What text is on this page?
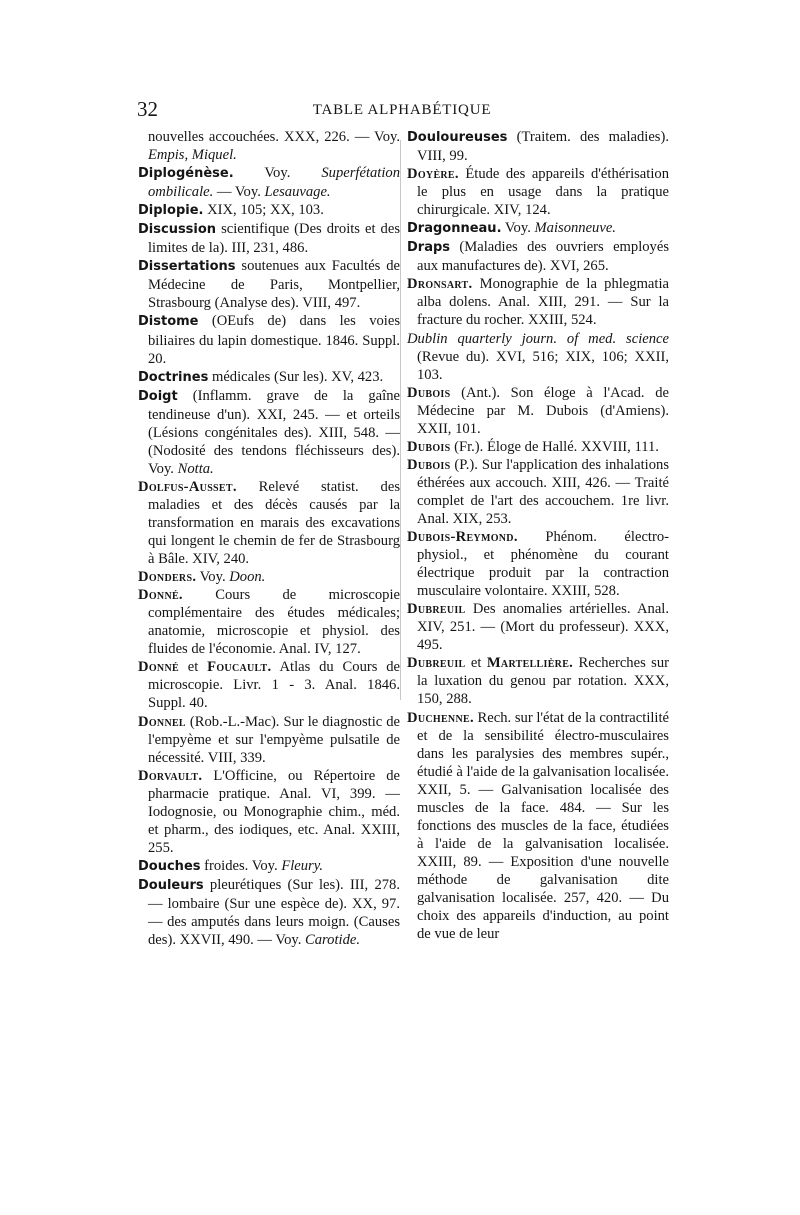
32	TABLE ALPHABÉTIQUE

nouvelles accouchées. XXX, 226. — Voy. Empis, Miquel.

Diplogénèse. Voy. Superfétation ombilicale. — Voy. Lesauvage.

Diplopie. XIX, 105; XX, 103.

Discussion scientifique (Des droits et des limites de la). III, 231, 486.

Dissertations soutenues aux Facultés de Médecine de Paris, Montpellier, Strasbourg (Analyse des). VIII, 497.

Distome (OEufs de) dans les voies biliaires du lapin domestique. 1846. Suppl. 20.

Doctrines médicales (Sur les). XV, 423.

Doigt (Inflamm. grave de la gaîne tendineuse d'un). XXI, 245. — et orteils (Lésions congénitales des). XIII, 548. — (Nodosité des tendons fléchisseurs des). Voy. Notta.

Dolfus-Ausset. Relevé statist. des maladies et des décès causés par la transformation en marais des excavations qui longent le chemin de fer de Strasbourg à Bâle. XIV, 240.

Donders. Voy. Doon.

Donné. Cours de microscopie complémentaire des études médicales; anatomie, microscopie et physiol. des fluides de l'économie. Anal. IV, 127.

Donné et Foucault. Atlas du Cours de microscopie. Livr. 1 - 3. Anal. 1846. Suppl. 40.

Donnel (Rob.-L.-Mac). Sur le diagnostic de l'empyème et sur l'empyème pulsatile de nécessité. VIII, 339.

Dorvault. L'Officine, ou Répertoire de pharmacie pratique. Anal. VI, 399. — Iodognosie, ou Monographie chim., méd. et pharm., des iodiques, etc. Anal. XXIII, 255.

Douches froides. Voy. Fleury.

Douleurs pleurétiques (Sur les). III, 278. — lombaire (Sur une espèce de). XX, 97. — des amputés dans leurs moign. (Causes des). XXVII, 490. — Voy. Carotide.

Douloureuses (Traitem. des maladies). VIII, 99.

Doyère. Étude des appareils d'éthérisation le plus en usage dans la pratique chirurgicale. XIV, 124.

Dragonneau. Voy. Maisonneuve.

Draps (Maladies des ouvriers employés aux manufactures de). XVI, 265.

Dronsart. Monographie de la phlegmatia alba dolens. Anal. XIII, 291. — Sur la fracture du rocher. XXIII, 524.

Dublin quarterly journ. of med. science (Revue du). XVI, 516; XIX, 106; XXII, 103.

Dubois (Ant.). Son éloge à l'Acad. de Médecine par M. Dubois (d'Amiens). XXII, 101.

Dubois (Fr.). Éloge de Hallé. XXVIII, 111.

Dubois (P.). Sur l'application des inhalations éthérées aux accouch. XIII, 426. — Traité complet de l'art des accouchem. 1re livr. Anal. XIX, 253.

Dubois-Reymond. Phénom. électro-physiol., et phénomène du courant électrique produit par la contraction musculaire volontaire. XXIII, 528.

Dubreuil Des anomalies artérielles. Anal. XIV, 251. — (Mort du professeur). XXX, 495.

Dubreuil et Martellière. Recherches sur la luxation du genou par rotation. XXX, 150, 288.

Duchenne. Rech. sur l'état de la contractilité et de la sensibilité électro-musculaires dans les paralysies des membres supér., étudié à l'aide de la galvanisation localisée. XXII, 5. — Galvanisation localisée des muscles de la face. 484. — Sur les fonctions des muscles de la face, étudiées à l'aide de la galvanisation localisée. XXIII, 89. — Exposition d'une nouvelle méthode de galvanisation dite galvanisation localisée. 257, 420. — Du choix des appareils d'induction, au point de vue de leur
